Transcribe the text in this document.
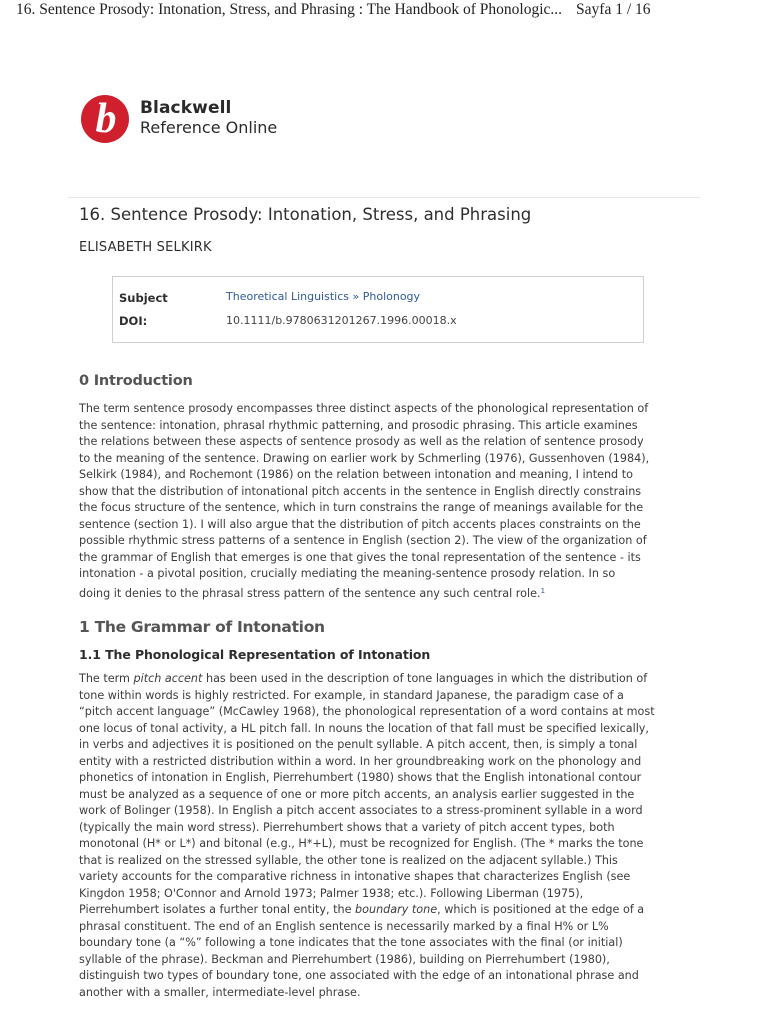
16. Sentence Prosody: Intonation, Stress, and Phrasing : The Handbook of Phonologic... Sayfa 1 / 16
b Blackwell
Reference Online
16. Sentence Prosody: Intonation, Stress, and Phrasing
ELISABETH SELKIRK
Subject	Theoretical Linguistics » Pholonogy
DOI:	10.1111/b.9780631201267.1996.00018.x
0 Introduction
The term sentence prosody encompasses three distinct aspects of the phonological representation of
the sentence: intonation, phrasal rhythmic patterning, and prosodic phrasing. This article examines
the relations between these aspects of sentence prosody as well as the relation of sentence prosody
to the meaning of the sentence. Drawing on earlier work by Schmerling (1976), Gussenhoven (1984),
Selkirk (1984), and Rochemont (1986) on the relation between intonation and meaning, I intend to
show that the distribution of intonational pitch accents in the sentence in English directly constrains
the focus structure of the sentence, which in turn constrains the range of meanings available for the
sentence (section 1). I will also argue that the distribution of pitch accents places constraints on the
possible rhythmic stress patterns of a sentence in English (section 2). The view of the organization of
the grammar of English that emerges is one that gives the tonal representation of the sentence - its
intonation - a pivotal position, crucially mediating the meaning-sentence prosody relation. In so
doing it denies to the phrasal stress pattern of the sentence any such central role.$^1$
1 The Grammar of Intonation
1.1 The Phonological Representation of Intonation
The term pitch accent has been used in the description of tone languages in which the distribution of
tone within words is highly restricted. For example, in standard Japanese, the paradigm case of a
“pitch accent language” (McCawley 1968), the phonological representation of a word contains at most
one locus of tonal activity, a HL pitch fall. In nouns the location of that fall must be specified lexically,
in verbs and adjectives it is positioned on the penult syllable. A pitch accent, then, is simply a tonal
entity with a restricted distribution within a word. In her groundbreaking work on the phonology and
phonetics of intonation in English, Pierrehumbert (1980) shows that the English intonational contour
must be analyzed as a sequence of one or more pitch accents, an analysis earlier suggested in the
work of Bolinger (1958). In English a pitch accent associates to a stress-prominent syllable in a word
(typically the main word stress). Pierrehumbert shows that a variety of pitch accent types, both
monotonal (H* or L*) and bitonal (e.g., H*+L), must be recognized for English. (The * marks the tone
that is realized on the stressed syllable, the other tone is realized on the adjacent syllable.) This
variety accounts for the comparative richness in intonative shapes that characterizes English (see
Kingdon 1958; O'Connor and Arnold 1973; Palmer 1938; etc.). Following Liberman (1975),
Pierrehumbert isolates a further tonal entity, the boundary tone, which is positioned at the edge of a
phrasal constituent. The end of an English sentence is necessarily marked by a final H% or L%
boundary tone (a “%” following a tone indicates that the tone associates with the final (or initial)
syllable of the phrase). Beckman and Pierrehumbert (1986), building on Pierrehumbert (1980),
distinguish two types of boundary tone, one associated with the edge of an intonational phrase and
another with a smaller, intermediate-level phrase.
